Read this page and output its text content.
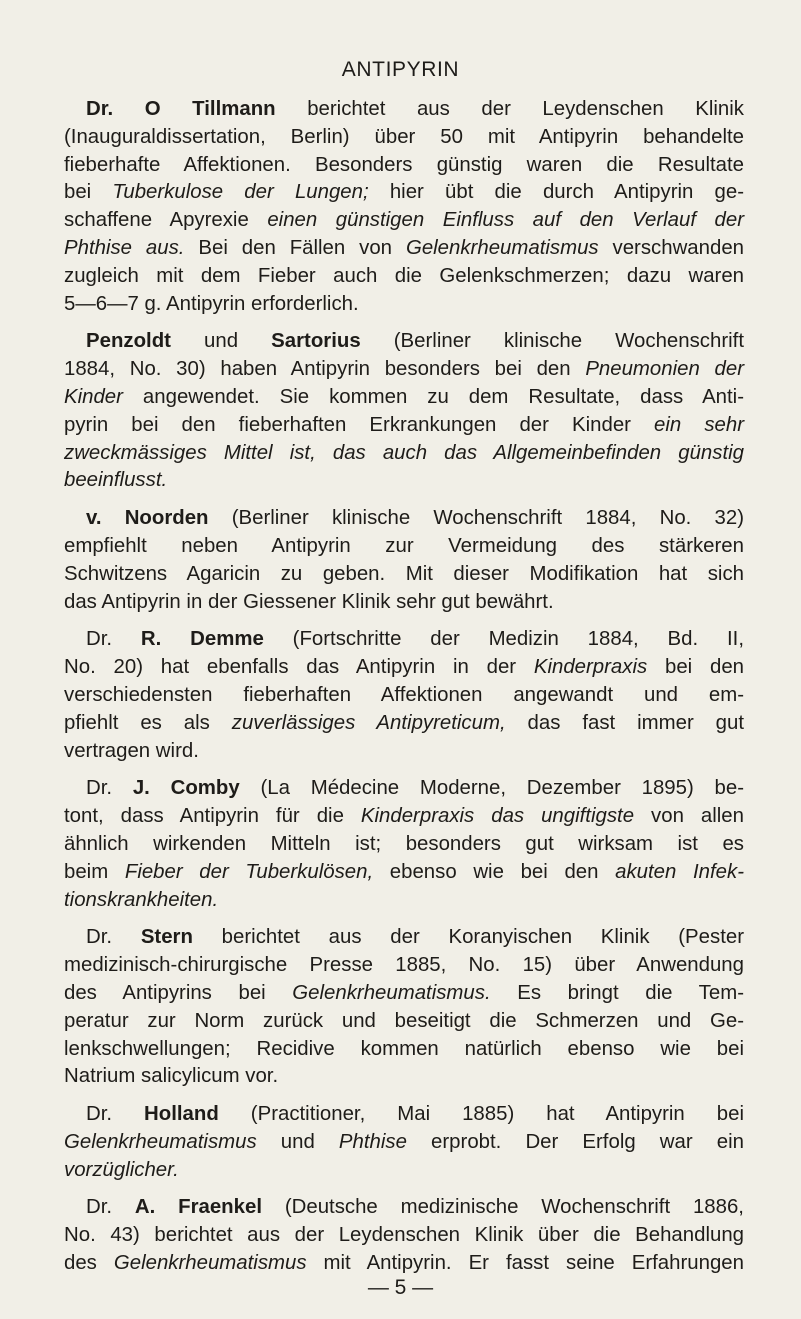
ANTIPYRIN
Dr. O Tillmann berichtet aus der Leydenschen Klinik
(Inauguraldissertation, Berlin) über 50 mit Antipyrin behandelte
fieberhafte Affektionen. Besonders günstig waren die Resultate
bei Tuberkulose der Lungen; hier übt die durch Antipyrin ge-
schaffene Apyrexie einen günstigen Einfluss auf den Verlauf der
Phthise aus. Bei den Fällen von Gelenkrheumatismus verschwanden
zugleich mit dem Fieber auch die Gelenkschmerzen; dazu waren
5—6—7 g. Antipyrin erforderlich.
Penzoldt und Sartorius (Berliner klinische Wochenschrift
1884, No. 30) haben Antipyrin besonders bei den Pneumonien der
Kinder angewendet. Sie kommen zu dem Resultate, dass Anti-
pyrin bei den fieberhaften Erkrankungen der Kinder ein sehr
zweckmässiges Mittel ist, das auch das Allgemeinbefinden günstig
beeinflusst.
v. Noorden (Berliner klinische Wochenschrift 1884, No. 32)
empfiehlt neben Antipyrin zur Vermeidung des stärkeren
Schwitzens Agaricin zu geben. Mit dieser Modifikation hat sich
das Antipyrin in der Giessener Klinik sehr gut bewährt.
Dr. R. Demme (Fortschritte der Medizin 1884, Bd. II,
No. 20) hat ebenfalls das Antipyrin in der Kinderpraxis bei den
verschiedensten fieberhaften Affektionen angewandt und em-
pfiehlt es als zuverlässiges Antipyreticum, das fast immer gut
vertragen wird.
Dr. J. Comby (La Médecine Moderne, Dezember 1895) be-
tont, dass Antipyrin für die Kinderpraxis das ungiftigste von allen
ähnlich wirkenden Mitteln ist; besonders gut wirksam ist es
beim Fieber der Tuberkulösen, ebenso wie bei den akuten Infek-
tionskrankheiten.
Dr. Stern berichtet aus der Koranyischen Klinik (Pester
medizinisch-chirurgische Presse 1885, No. 15) über Anwendung
des Antipyrins bei Gelenkrheumatismus. Es bringt die Tem-
peratur zur Norm zurück und beseitigt die Schmerzen und Ge-
lenkschwellungen; Recidive kommen natürlich ebenso wie bei
Natrium salicylicum vor.
Dr. Holland (Practitioner, Mai 1885) hat Antipyrin bei
Gelenkrheumatismus und Phthise erprobt. Der Erfolg war ein
vorzüglicher.
Dr. A. Fraenkel (Deutsche medizinische Wochenschrift 1886,
No. 43) berichtet aus der Leydenschen Klinik über die Behandlung
des Gelenkrheumatismus mit Antipyrin. Er fasst seine Erfahrungen
— 5 —
